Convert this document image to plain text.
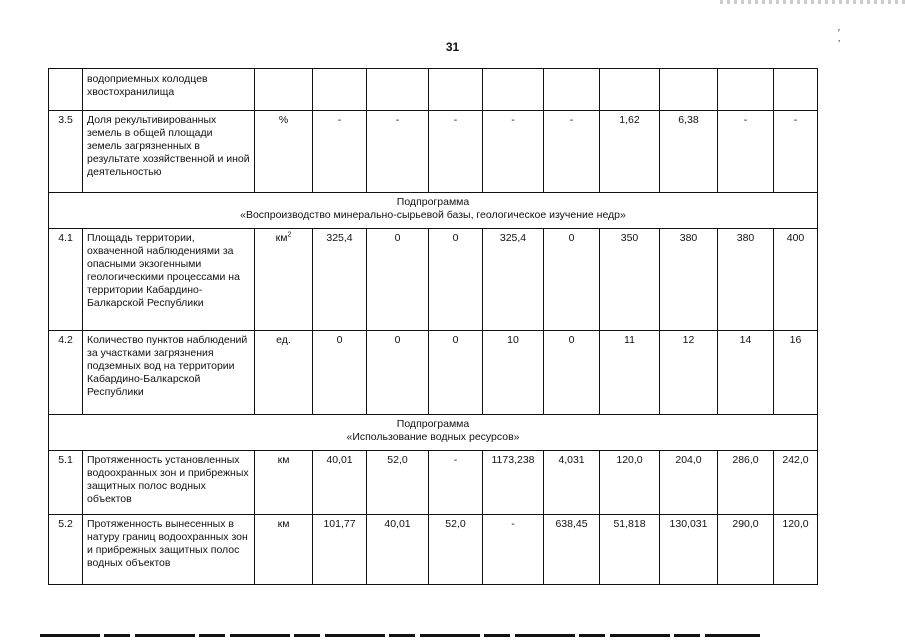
′ ’
31
	водоприемных колодцев хвостохранилища										
3.5	Доля рекультивированных земель в общей площади земель загрязненных в результате хозяйственной и иной деятельностью	%	-	-	-	-	-	1,62	6,38	-	-

Подпрограмма
«Воспроизводство минерально-сырьевой базы, геологическое изучение недр»											

4.1	Площадь территории, охваченной наблюдениями за опасными экзогенными геологическими процессами на территории Кабардино-Балкарской Республики	$км^2$	325,4	0	0	325,4	0	350	380	380	400
4.2	Количество пунктов наблюдений за участками загрязнения подземных вод на территории Кабардино-Балкарской Республики	ед.	0	0	0	10	0	11	12	14	16

Подпрограмма
«Использование водных ресурсов»											

5.1	Протяженность установленных водоохранных зон и прибрежных защитных полос водных объектов	км	40,01	52,0	-	1173,238	4,031	120,0	204,0	286,0	242,0
5.2	Протяженность вынесенных в натуру границ водоохранных зон и прибрежных защитных полос водных объектов	км	101,77	40,01	52,0	-	638,45	51,818	130,031	290,0	120,0
